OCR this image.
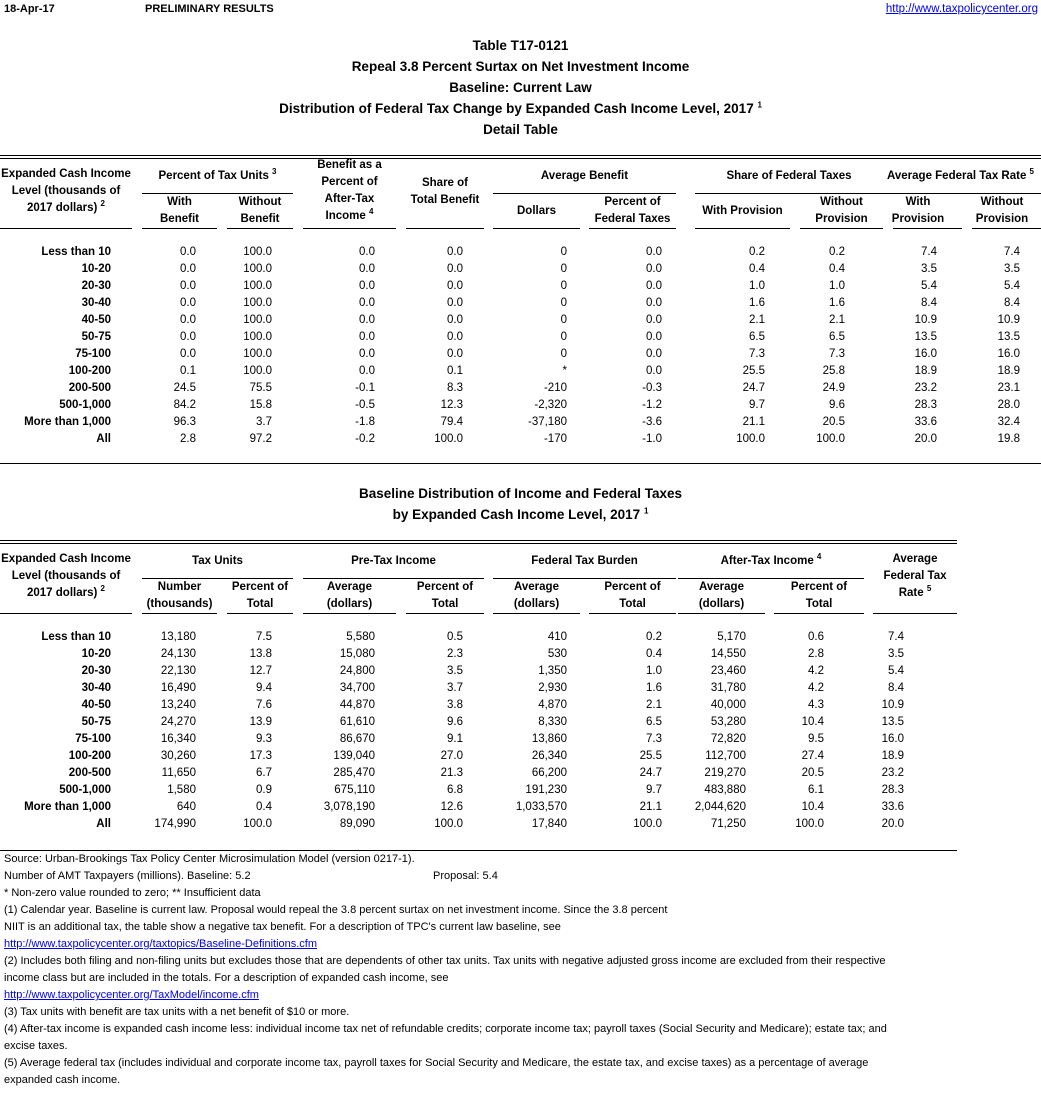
18-Apr-17	PRELIMINARY RESULTS	http://www.taxpolicycenter.org
Table T17-0121
Repeal 3.8 Percent Surtax on Net Investment Income
Baseline: Current Law
Distribution of Federal Tax Change by Expanded Cash Income Level, 2017 $^1$
Detail Table
Expanded Cash Income
Level (thousands of
2017 dollars) $^2$
Percent of Tax Units $^3$
With
Benefit
Without
Benefit
Benefit as a
Percent of
After-Tax
Income $^4$
Share of
Total Benefit
Average Benefit
Dollars
Percent of
Federal Taxes
Share of Federal Taxes
With Provision
Without
Provision
Average Federal Tax Rate $^5$
With
Provision
Without
Provision
Less than 10	0.0	100.0	0.0	0.0	0	0.0	0.2	0.2	7.4	7.4
10-20	0.0	100.0	0.0	0.0	0	0.0	0.4	0.4	3.5	3.5
20-30	0.0	100.0	0.0	0.0	0	0.0	1.0	1.0	5.4	5.4
30-40	0.0	100.0	0.0	0.0	0	0.0	1.6	1.6	8.4	8.4
40-50	0.0	100.0	0.0	0.0	0	0.0	2.1	2.1	10.9	10.9
50-75	0.0	100.0	0.0	0.0	0	0.0	6.5	6.5	13.5	13.5
75-100	0.0	100.0	0.0	0.0	0	0.0	7.3	7.3	16.0	16.0
100-200	0.1	100.0	0.0	0.1	*	0.0	25.5	25.8	18.9	18.9
200-500	24.5	75.5	-0.1	8.3	-210	-0.3	24.7	24.9	23.2	23.1
500-1,000	84.2	15.8	-0.5	12.3	-2,320	-1.2	9.7	9.6	28.3	28.0
More than 1,000	96.3	3.7	-1.8	79.4	-37,180	-3.6	21.1	20.5	33.6	32.4
All	2.8	97.2	-0.2	100.0	-170	-1.0	100.0	100.0	20.0	19.8
Baseline Distribution of Income and Federal Taxes
by Expanded Cash Income Level, 2017 $^1$
Expanded Cash Income
Level (thousands of
2017 dollars) $^2$
Tax Units
Number
(thousands)
Percent of
Total
Pre-Tax Income
Average
(dollars)
Percent of
Total
Federal Tax Burden
Average
(dollars)
Percent of
Total
After-Tax Income $^4$
Average
(dollars)
Percent of
Total
Average
Federal Tax
Rate $^5$
Less than 10	13,180	7.5	5,580	0.5	410	0.2	5,170	0.6	7.4
10-20	24,130	13.8	15,080	2.3	530	0.4	14,550	2.8	3.5
20-30	22,130	12.7	24,800	3.5	1,350	1.0	23,460	4.2	5.4
30-40	16,490	9.4	34,700	3.7	2,930	1.6	31,780	4.2	8.4
40-50	13,240	7.6	44,870	3.8	4,870	2.1	40,000	4.3	10.9
50-75	24,270	13.9	61,610	9.6	8,330	6.5	53,280	10.4	13.5
75-100	16,340	9.3	86,670	9.1	13,860	7.3	72,820	9.5	16.0
100-200	30,260	17.3	139,040	27.0	26,340	25.5	112,700	27.4	18.9
200-500	11,650	6.7	285,470	21.3	66,200	24.7	219,270	20.5	23.2
500-1,000	1,580	0.9	675,110	6.8	191,230	9.7	483,880	6.1	28.3
More than 1,000	640	0.4	3,078,190	12.6	1,033,570	21.1	2,044,620	10.4	33.6
All	174,990	100.0	89,090	100.0	17,840	100.0	71,250	100.0	20.0
Source: Urban-Brookings Tax Policy Center Microsimulation Model (version 0217-1).
Number of AMT Taxpayers (millions). Baseline: 5.2	Proposal: 5.4
* Non-zero value rounded to zero; ** Insufficient data
(1) Calendar year. Baseline is current law. Proposal would repeal the 3.8 percent surtax on net investment income. Since the 3.8 percent
NIIT is an additional tax, the table show a negative tax benefit. For a description of TPC's current law baseline, see
http://www.taxpolicycenter.org/taxtopics/Baseline-Definitions.cfm
(2) Includes both filing and non-filing units but excludes those that are dependents of other tax units. Tax units with negative adjusted gross income are excluded from their respective
income class but are included in the totals. For a description of expanded cash income, see
http://www.taxpolicycenter.org/TaxModel/income.cfm
(3) Tax units with benefit are tax units with a net benefit of $10 or more.
(4) After-tax income is expanded cash income less: individual income tax net of refundable credits; corporate income tax; payroll taxes (Social Security and Medicare); estate tax; and
excise taxes.
(5) Average federal tax (includes individual and corporate income tax, payroll taxes for Social Security and Medicare, the estate tax, and excise taxes) as a percentage of average
expanded cash income.
